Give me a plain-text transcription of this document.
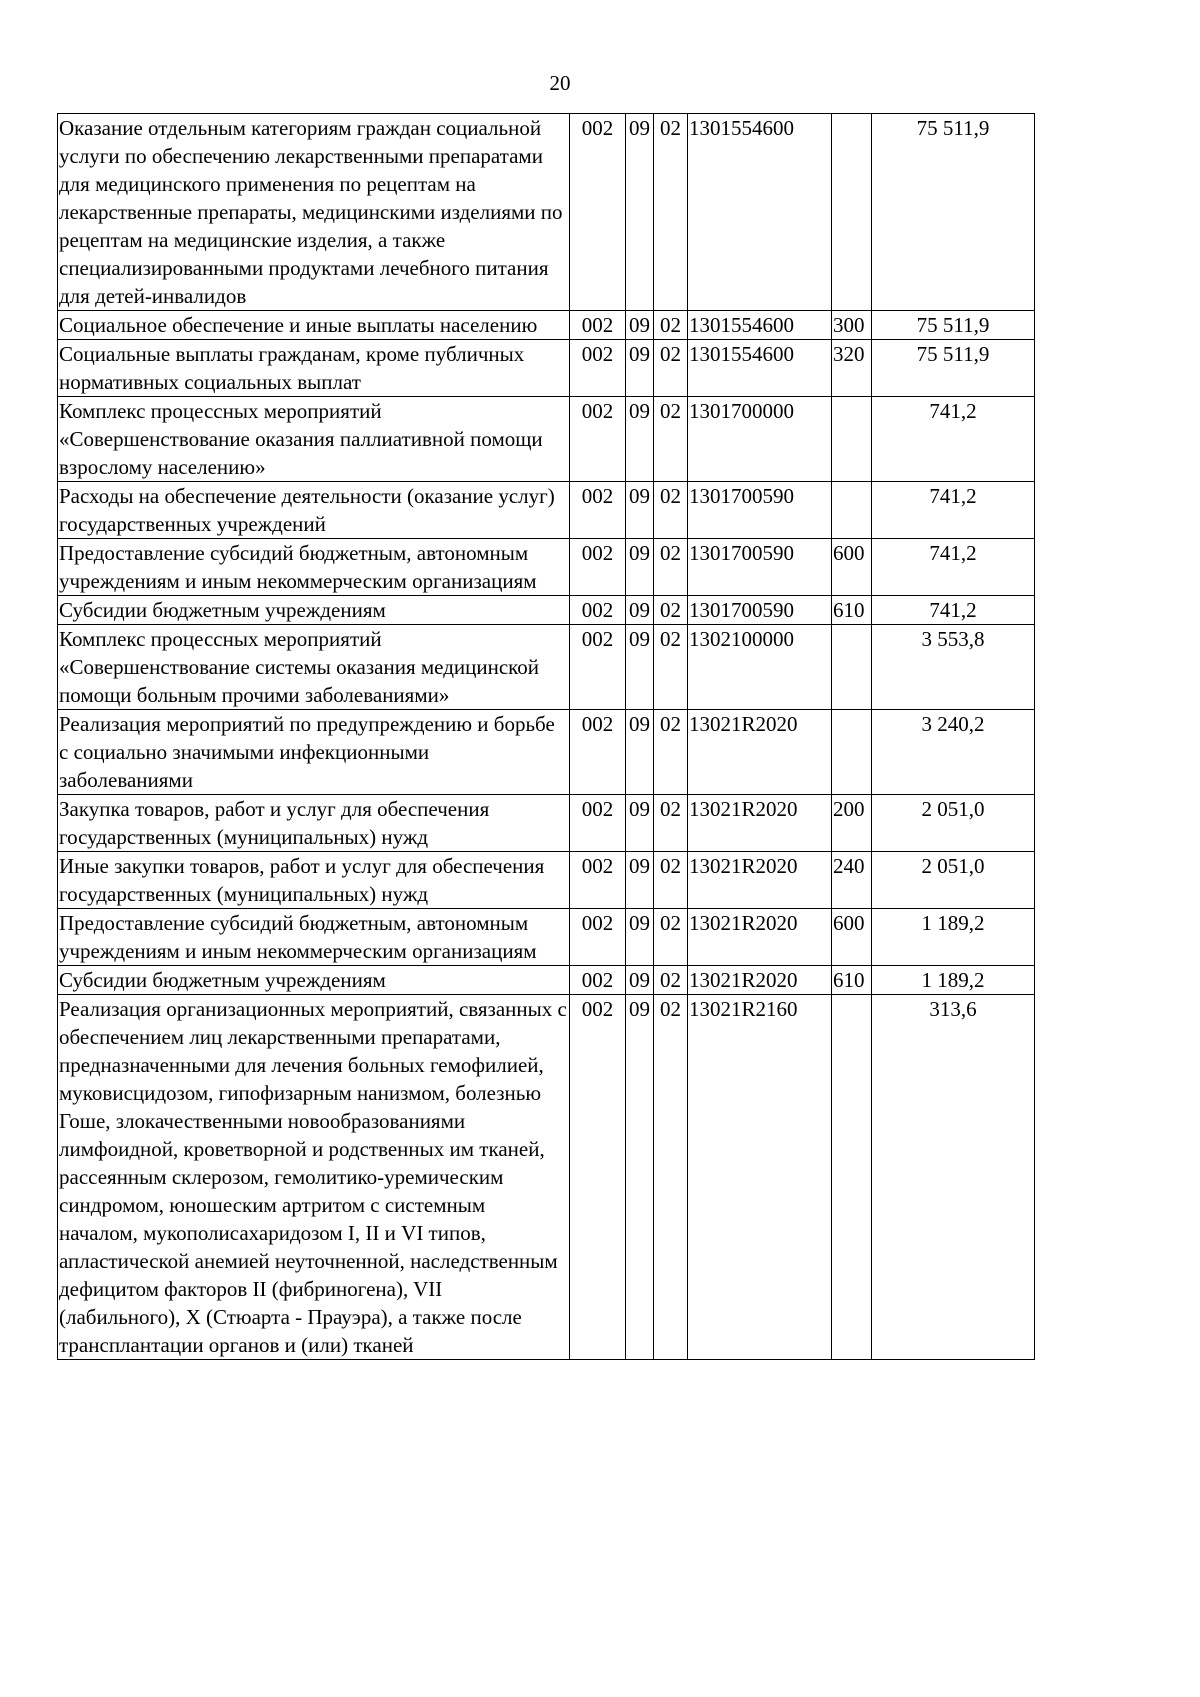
20
Оказание отдельным категориям граждан социальной услуги по обеспечению лекарственными препаратами для медицинского применения по рецептам на лекарственные препараты, медицинскими изделиями по рецептам на медицинские изделия, а также специализированными продуктами лечебного питания для детей-инвалидов	002	09	02	1301554600		75 511,9
Социальное обеспечение и иные выплаты населению	002	09	02	1301554600	300	75 511,9
Социальные выплаты гражданам, кроме публичных нормативных социальных выплат	002	09	02	1301554600	320	75 511,9
Комплекс процессных мероприятий «Совершенствование оказания паллиативной помощи взрослому населению»	002	09	02	1301700000		741,2
Расходы на обеспечение деятельности (оказание услуг) государственных учреждений	002	09	02	1301700590		741,2
Предоставление субсидий бюджетным, автономным учреждениям и иным некоммерческим организациям	002	09	02	1301700590	600	741,2
Субсидии бюджетным учреждениям	002	09	02	1301700590	610	741,2
Комплекс процессных мероприятий «Совершенствование системы оказания медицинской помощи больным прочими заболеваниями»	002	09	02	1302100000		3 553,8
Реализация мероприятий по предупреждению и борьбе с социально значимыми инфекционными заболеваниями	002	09	02	13021R2020		3 240,2
Закупка товаров, работ и услуг для обеспечения государственных (муниципальных) нужд	002	09	02	13021R2020	200	2 051,0
Иные закупки товаров, работ и услуг для обеспечения государственных (муниципальных) нужд	002	09	02	13021R2020	240	2 051,0
Предоставление субсидий бюджетным, автономным учреждениям и иным некоммерческим организациям	002	09	02	13021R2020	600	1 189,2
Субсидии бюджетным учреждениям	002	09	02	13021R2020	610	1 189,2
Реализация организационных мероприятий, связанных с обеспечением лиц лекарственными препаратами, предназначенными для лечения больных гемофилией, муковисцидозом, гипофизарным нанизмом, болезнью Гоше, злокачественными новообразованиями лимфоидной, кроветворной и родственных им тканей, рассеянным склерозом, гемолитико-уремическим синдромом, юношеским артритом с системным началом, мукополисахаридозом I, II и VI типов, апластической анемией неуточненной, наследственным дефицитом факторов II (фибриногена), VII (лабильного), X (Стюарта - Прауэра), а также после трансплантации органов и (или) тканей	002	09	02	13021R2160		313,6
